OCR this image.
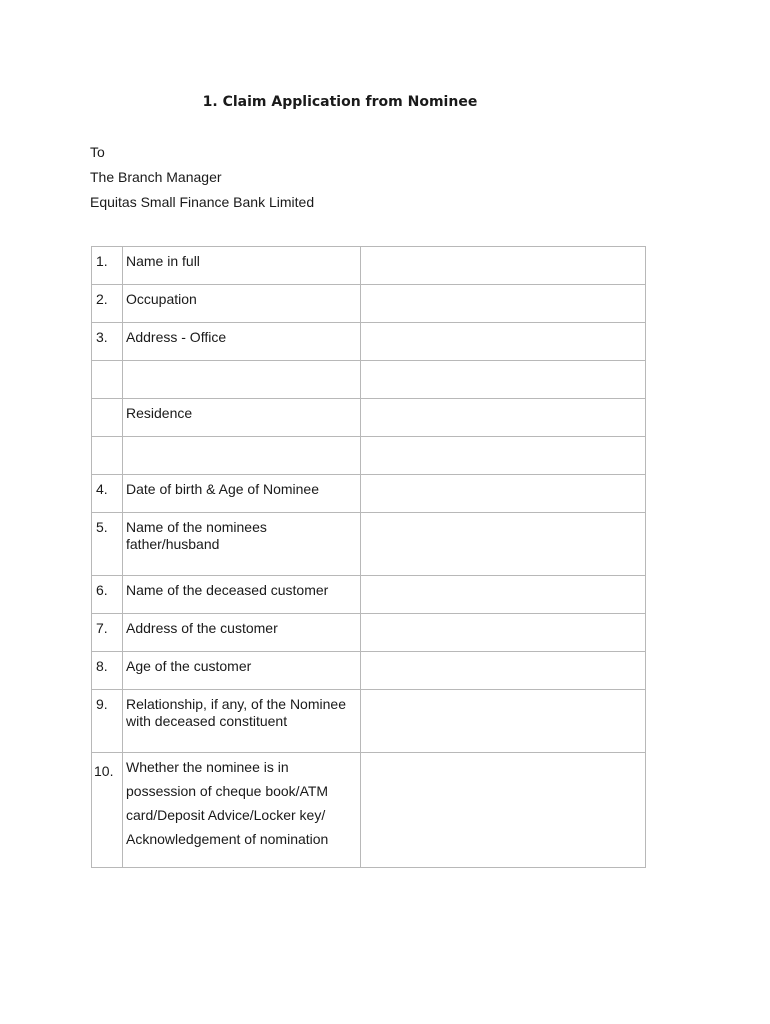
1. Claim Application from Nominee
To
The Branch Manager
Equitas Small Finance Bank Limited
1.	Name in full	

2.	Occupation	

3.	Address - Office	

	Residence	

4.	Date of birth & Age of Nominee	

5.	Name of the nominees father/husband	

6.	Name of the deceased customer	

7.	Address of the customer	

8.	Age of the customer	

9.	Relationship, if any, of the Nominee with deceased constituent	

10.	Whether the nominee is in possession of cheque book/ATM card/Deposit Advice/Locker key/ Acknowledgement of nomination	
